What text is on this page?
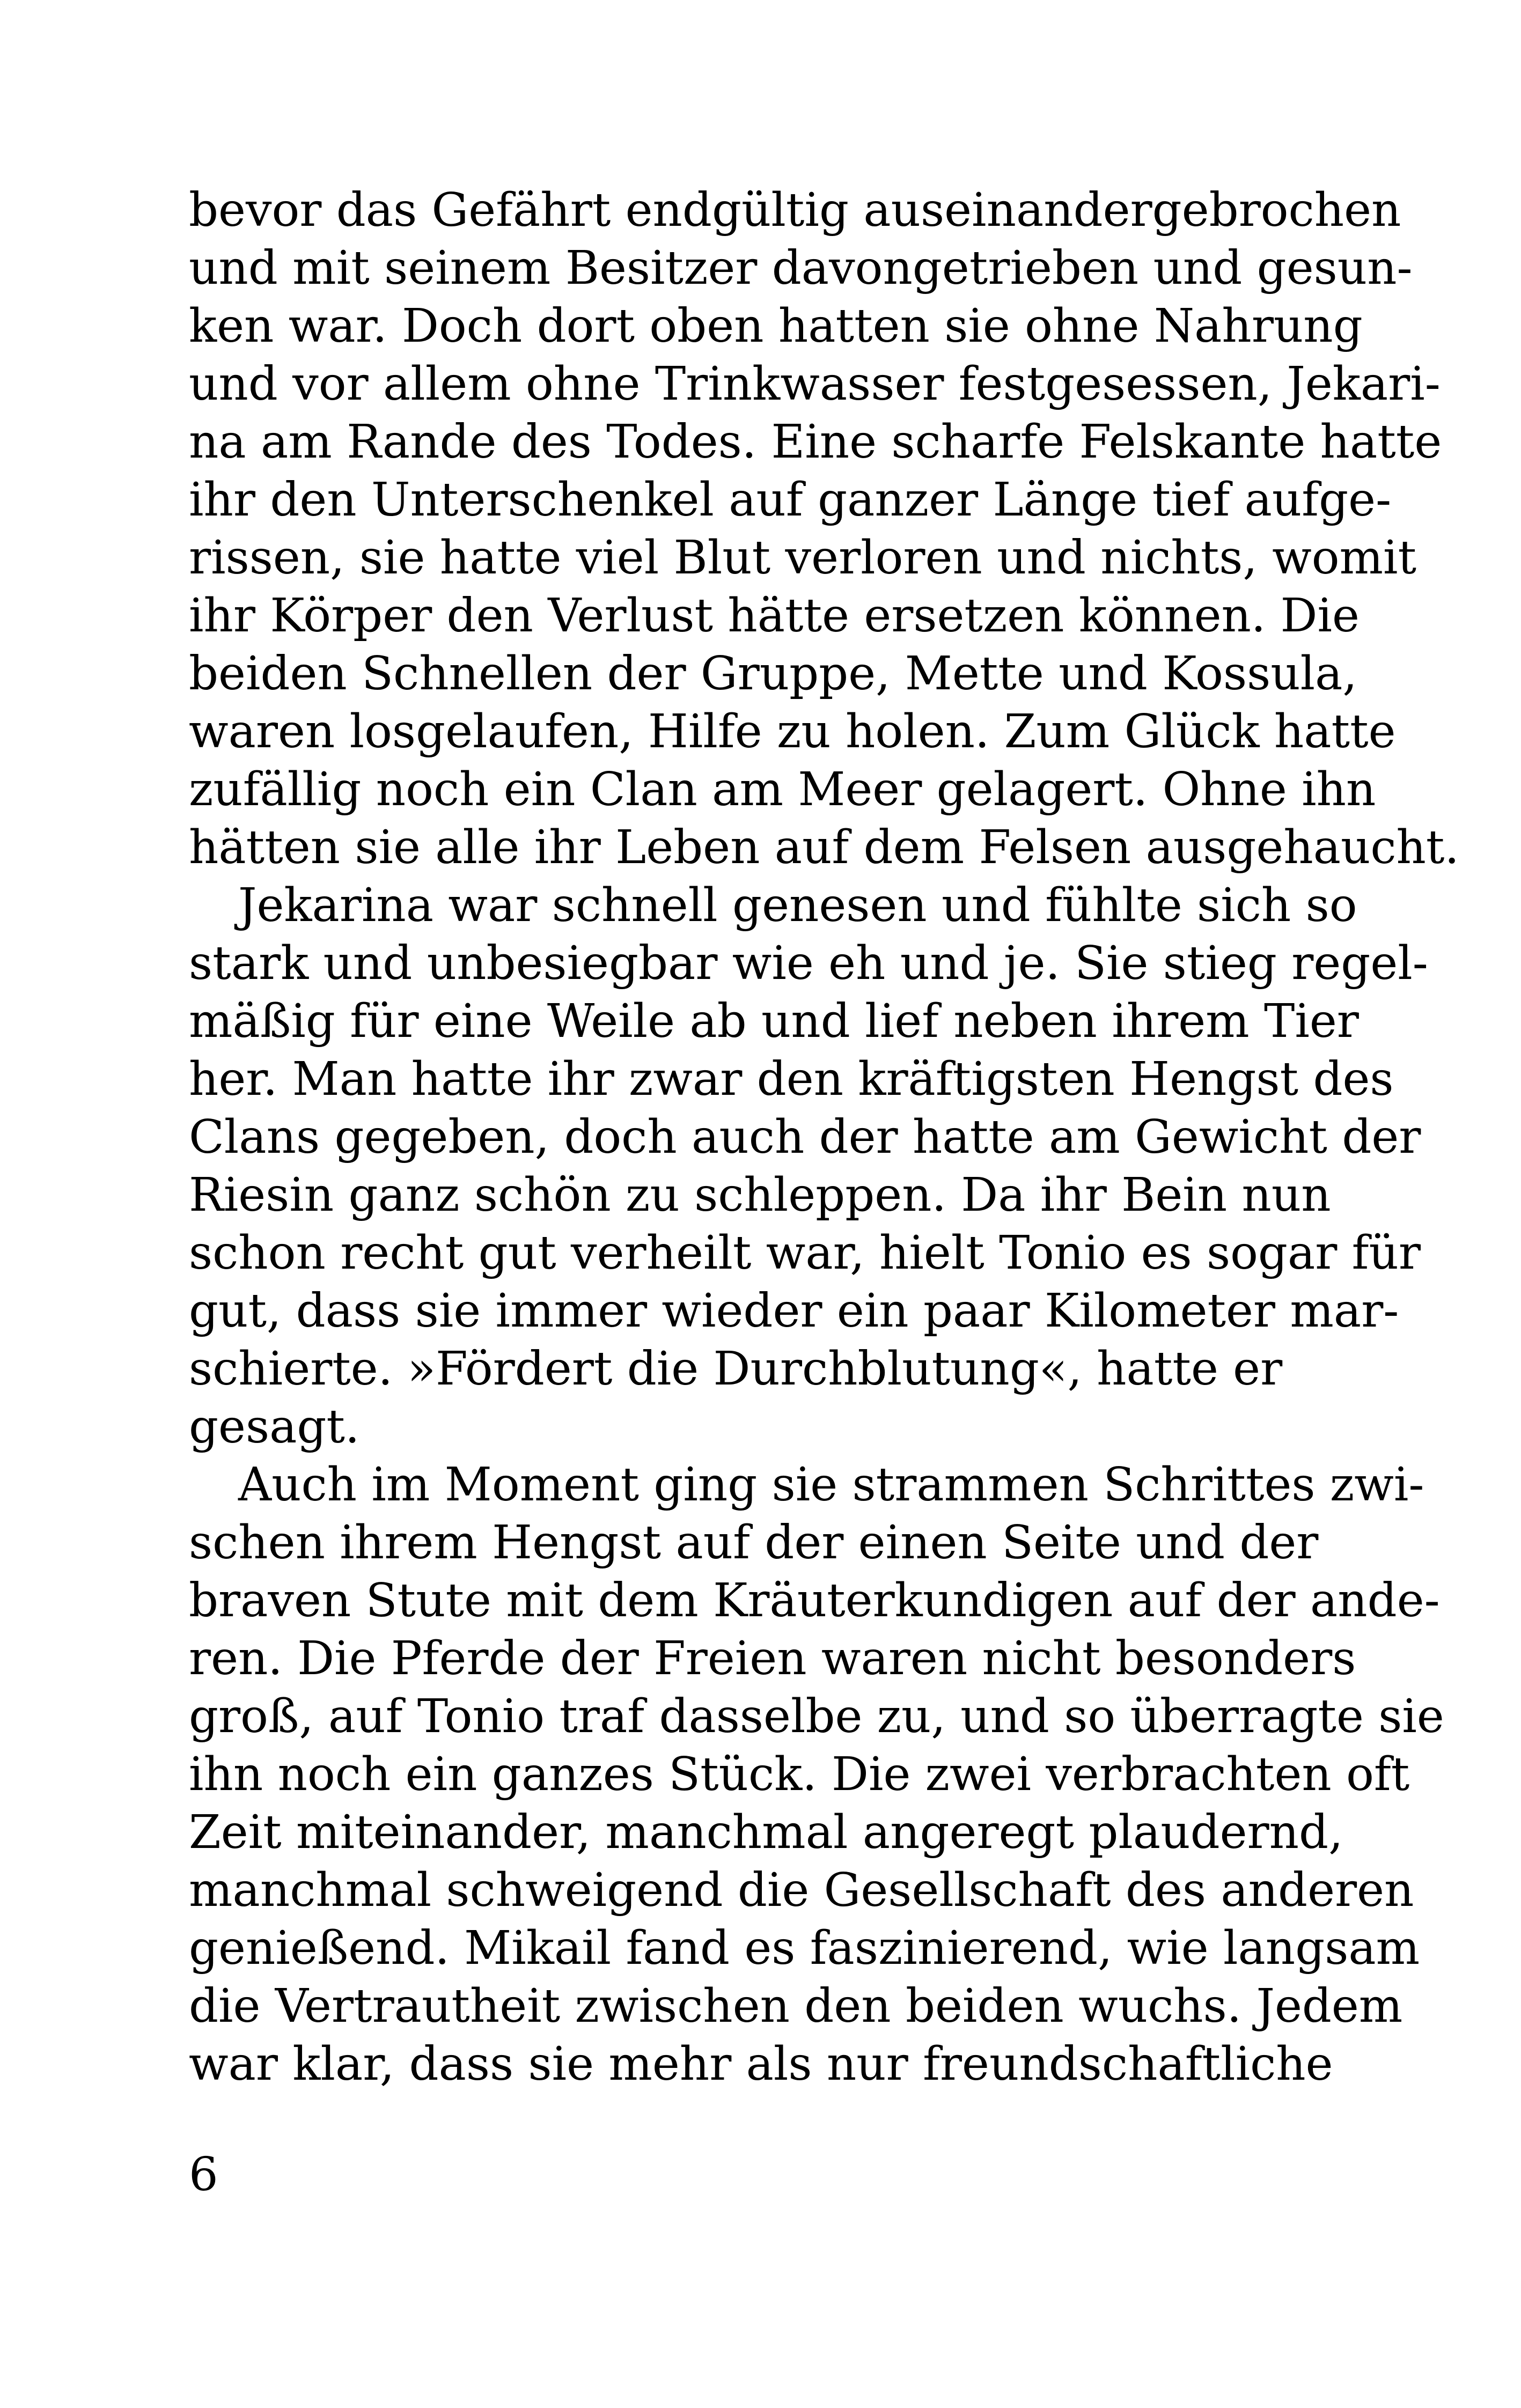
bevor das Gefährt endgültig auseinandergebrochen
und mit seinem Besitzer davongetrieben und gesun-
ken war. Doch dort oben hatten sie ohne Nahrung
und vor allem ohne Trinkwasser festgesessen, Jekari-
na am Rande des Todes. Eine scharfe Felskante hatte
ihr den Unterschenkel auf ganzer Länge tief aufge-
rissen, sie hatte viel Blut verloren und nichts, womit
ihr Körper den Verlust hätte ersetzen können. Die
beiden Schnellen der Gruppe, Mette und Kossula,
waren losgelaufen, Hilfe zu holen. Zum Glück hatte
zufällig noch ein Clan am Meer gelagert. Ohne ihn
hätten sie alle ihr Leben auf dem Felsen ausgehaucht.
Jekarina war schnell genesen und fühlte sich so
stark und unbesiegbar wie eh und je. Sie stieg regel-
mäßig für eine Weile ab und lief neben ihrem Tier
her. Man hatte ihr zwar den kräftigsten Hengst des
Clans gegeben, doch auch der hatte am Gewicht der
Riesin ganz schön zu schleppen. Da ihr Bein nun
schon recht gut verheilt war, hielt Tonio es sogar für
gut, dass sie immer wieder ein paar Kilometer mar-
schierte. »Fördert die Durchblutung«, hatte er
gesagt.
Auch im Moment ging sie strammen Schrittes zwi-
schen ihrem Hengst auf der einen Seite und der
braven Stute mit dem Kräuterkundigen auf der ande-
ren. Die Pferde der Freien waren nicht besonders
groß, auf Tonio traf dasselbe zu, und so überragte sie
ihn noch ein ganzes Stück. Die zwei verbrachten oft
Zeit miteinander, manchmal angeregt plaudernd,
manchmal schweigend die Gesellschaft des anderen
genießend. Mikail fand es faszinierend, wie langsam
die Vertrautheit zwischen den beiden wuchs. Jedem
war klar, dass sie mehr als nur freundschaftliche
6
